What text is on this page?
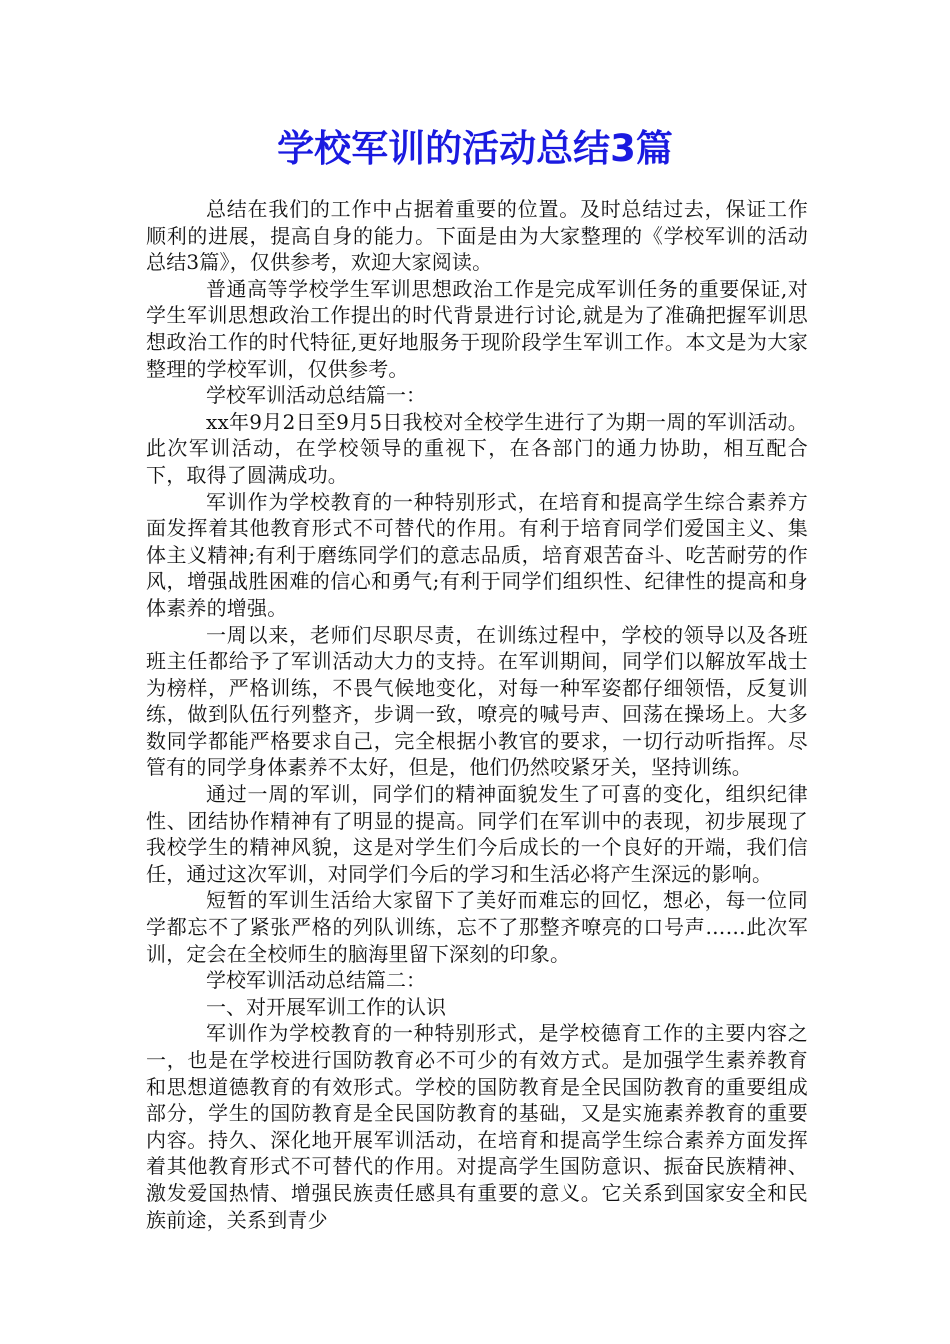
学校军训的活动总结3篇

总结在我们的工作中占据着重要的位置。及时总结过去，保证工作顺利的进展，提高自身的能力。下面是由为大家整理的《学校军训的活动总结3篇》，仅供参考，欢迎大家阅读。

普通高等学校学生军训思想政治工作是完成军训任务的重要保证,对学生军训思想政治工作提出的时代背景进行讨论,就是为了准确把握军训思想政治工作的时代特征,更好地服务于现阶段学生军训工作。本文是为大家整理的学校军训，仅供参考。

学校军训活动总结篇一：

xx年9月2日至9月5日我校对全校学生进行了为期一周的军训活动。此次军训活动，在学校领导的重视下，在各部门的通力协助，相互配合下，取得了圆满成功。

军训作为学校教育的一种特别形式，在培育和提高学生综合素养方面发挥着其他教育形式不可替代的作用。有利于培育同学们爱国主义、集体主义精神;有利于磨练同学们的意志品质，培育艰苦奋斗、吃苦耐劳的作风，增强战胜困难的信心和勇气;有利于同学们组织性、纪律性的提高和身体素养的增强。

一周以来，老师们尽职尽责，在训练过程中，学校的领导以及各班班主任都给予了军训活动大力的支持。在军训期间，同学们以解放军战士为榜样，严格训练，不畏气候地变化，对每一种军姿都仔细领悟，反复训练，做到队伍行列整齐，步调一致，嘹亮的喊号声、回荡在操场上。大多数同学都能严格要求自己，完全根据小教官的要求，一切行动听指挥。尽管有的同学身体素养不太好，但是，他们仍然咬紧牙关，坚持训练。

通过一周的军训，同学们的精神面貌发生了可喜的变化，组织纪律性、团结协作精神有了明显的提高。同学们在军训中的表现，初步展现了我校学生的精神风貌，这是对学生们今后成长的一个良好的开端，我们信任，通过这次军训，对同学们今后的学习和生活必将产生深远的影响。

短暂的军训生活给大家留下了美好而难忘的回忆，想必，每一位同学都忘不了紧张严格的列队训练，忘不了那整齐嘹亮的口号声……此次军训，定会在全校师生的脑海里留下深刻的印象。

学校军训活动总结篇二：

一、对开展军训工作的认识

军训作为学校教育的一种特别形式，是学校德育工作的主要内容之一，也是在学校进行国防教育必不可少的有效方式。是加强学生素养教育和思想道德教育的有效形式。学校的国防教育是全民国防教育的重要组成部分，学生的国防教育是全民国防教育的基础，又是实施素养教育的重要内容。持久、深化地开展军训活动，在培育和提高学生综合素养方面发挥着其他教育形式不可替代的作用。对提高学生国防意识、振奋民族精神、激发爱国热情、增强民族责任感具有重要的意义。它关系到国家安全和民族前途，关系到青少
